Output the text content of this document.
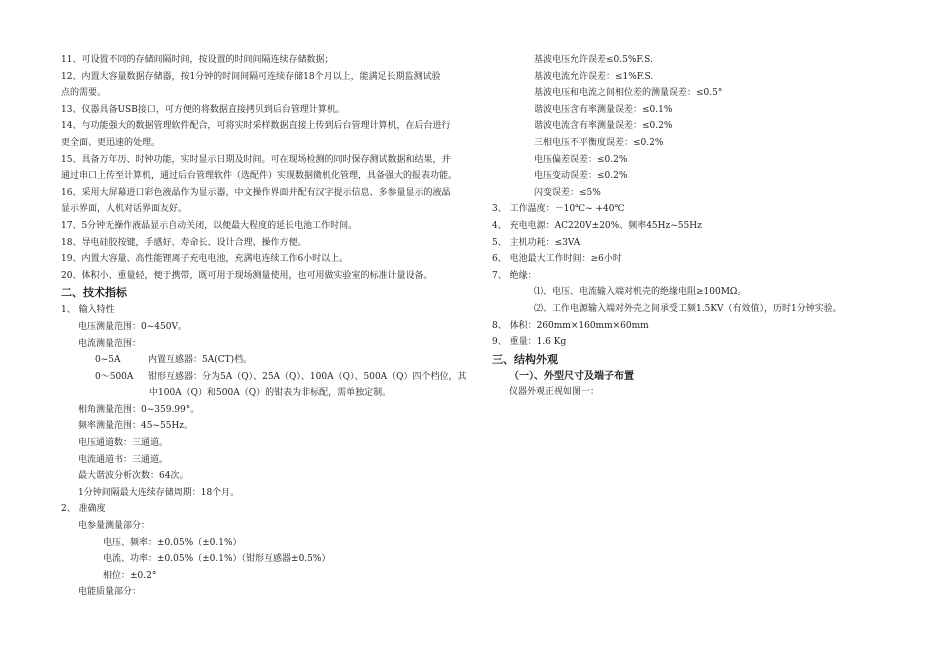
11、可设置不同的存储间隔时间，按设置的时间间隔连续存储数据；
12、内置大容量数据存储器，按1分钟的时间间隔可连续存储18个月以上，能满足长期监测试验
点的需要。
13、仪器具备USB接口，可方便的将数据直接拷贝到后台管理计算机。
14、与功能强大的数据管理软件配合，可将实时采样数据直接上传到后台管理计算机，在后台进行
更全面、更迅速的处理。
15、具备万年历、时钟功能，实时显示日期及时间。可在现场检测的同时保存测试数据和结果，并
通过串口上传至计算机，通过后台管理软件（选配件）实现数据微机化管理，具备强大的报表功能。
16、采用大屏幕进口彩色液晶作为显示器，中文操作界面并配有汉字提示信息、多参量显示的液晶
显示界面，人机对话界面友好。
17、5分钟无操作液晶显示自动关闭，以便最大程度的延长电池工作时间。
18、导电硅胶按键，手感好、寿命长、设计合理、操作方便。
19、内置大容量、高性能锂离子充电电池，充满电连续工作6小时以上。
20、体积小、重量轻，便于携带，既可用于现场测量使用，也可用做实验室的标准计量设备。
二、技术指标
1、 输入特性
电压测量范围：0~450V。
电流测量范围：
0~5A	内置互感器：5A(CT)档。
0～500A	钳形互感器：分为5A（Q）、25A（Q）、100A（Q）、500A（Q）四个档位，其
中100A（Q）和500A（Q）的钳表为非标配，需单独定制。
相角测量范围：0~359.99°。
频率测量范围：45~55Hz。
电压通道数：三通道。
电流通道书：三通道。
最大谐波分析次数：64次。
1分钟间隔最大连续存储周期：18个月。
2、 准确度
电参量测量部分：
电压、频率：±0.05%（±0.1%）
电流、功率：±0.05%（±0.1%）（钳形互感器±0.5%）
相位：±0.2°
电能质量部分：
基波电压允许误差≤0.5%F.S.
基波电流允许误差：≤1%F.S.
基波电压和电流之间相位差的测量误差：≤0.5°
谐波电压含有率测量误差：≤0.1%
谐波电流含有率测量误差：≤0.2%
三相电压不平衡度误差：≤0.2%
电压偏差误差：≤0.2%
电压变动误差：≤0.2%
闪变误差：≤5%
3、 工作温度：－10℃~ +40℃
4、 充电电源：AC220V±20%、频率45Hz~55Hz
5、 主机功耗：≤3VA
6、 电池最大工作时间：≥6小时
7、 绝缘：
⑴、电压、电流输入端对机壳的绝缘电阻≥100MΩ。
⑵、工作电源输入端对外壳之间承受工频1.5KV（有效值），历时1分钟实验。
8、 体积：260mm×160mm×60mm
9、 重量：1.6 Kg
三、结构外观
（一）、外型尺寸及端子布置
仪器外观正视如图一：
